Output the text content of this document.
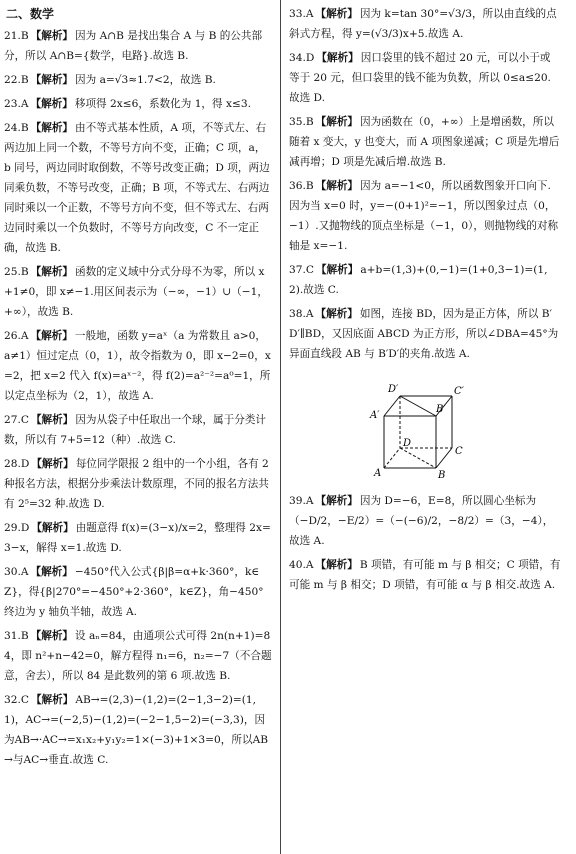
二、数学
21.B 【解析】 因为 A∩B 是找出集合 A 与 B 的公共部分，所以 A∩B={数学，电路}.故选 B.
22.B 【解析】 因为 a=√3≈1.7<2，故选 B.
23.A 【解析】 移项得 2x≤6，系数化为 1，得 x≤3.
24.B 【解析】 由不等式基本性质，A 项，不等式左、右两边加上同一个数，不等号方向不变，正确；C 项，a，b 同号，两边同时取倒数，不等号改变正确；D 项，两边同乘负数，不等号改变，正确；B 项，不等式左、右两边同时乘以一个正数，不等号方向不变，但不等式左、右两边同时乘以一个负数时，不等号方向改变，C 不一定正确，故选 B.
25.B 【解析】 函数的定义域中分式分母不为零，所以 x+1≠0，即 x≠−1.用区间表示为（−∞，−1）∪（−1，+∞），故选 B.
26.A 【解析】 一般地，函数 y=aˣ（a 为常数且 a>0，a≠1）恒过定点（0，1），故令指数为 0，即 x−2=0，x=2，把 x=2 代入 f(x)=aˣ⁻²，得 f(2)=a²⁻²=a⁰=1，所以定点坐标为（2，1），故选 A.
27.C 【解析】 因为从袋子中任取出一个球，属于分类计数，所以有 7+5=12（种）.故选 C.
28.D 【解析】 每位同学限报 2 组中的一个小组，各有 2 种报名方法，根据分步乘法计数原理，不同的报名方法共有 2⁵=32 种.故选 D.
29.D 【解析】 由题意得 f(x)=(3−x)/x=2，整理得 2x=3−x，解得 x=1.故选 D.
30.A 【解析】 −450°代入公式{β|β=α+k·360°，k∈Z}，得{β|270°=−450°+2·360°，k∈Z}，角−450°终边为 y 轴负半轴，故选 A.
31.B 【解析】 设 aₙ=84，由通项公式可得 2n(n+1)=84，即 n²+n−42=0，解方程得 n₁=6，n₂=−7（不合题意，舍去），所以 84 是此数列的第 6 项.故选 B.
32.C 【解析】 AB→=(2,3)−(1,2)=(2−1,3−2)=(1,1)，AC→=(−2,5)−(1,2)=(−2−1,5−2)=(−3,3)，因为AB→·AC→=x₁x₂+y₁y₂=1×(−3)+1×3=0，所以AB→与AC→垂直.故选 C.
33.A 【解析】 因为 k=tan 30°=√3/3，所以由直线的点斜式方程，得 y=(√3/3)x+5.故选 A.
34.D 【解析】 因口袋里的钱不超过 20 元，可以小于或等于 20 元，但口袋里的钱不能为负数，所以 0≤a≤20.故选 D.
35.B 【解析】 因为函数在（0，+∞）上是增函数，所以随着 x 变大，y 也变大，而 A 项图象递减；C 项是先增后减再增；D 项是先减后增.故选 B.
36.B 【解析】 因为 a=−1<0，所以函数图象开口向下.因为当 x=0 时，y=−(0+1)²=−1，所以图象过点（0，−1）.又抛物线的顶点坐标是（−1，0），则抛物线的对称轴是 x=−1.
37.C 【解析】 a+b=(1,3)+(0,−1)=(1+0,3−1)=(1,2).故选 C.
38.A 【解析】 如图，连接 BD，因为是正方体，所以 B′D′∥BD，又因底面 ABCD 为正方形，所以∠DBA=45°为异面直线段 AB 与 B′D′的夹角.故选 A.
A	B
C
D
A′
B′
C′
D′
39.A 【解析】 因为 D=−6，E=8，所以圆心坐标为（−D/2，−E/2）=（−(−6)/2，−8/2）=（3，−4），故选 A.
40.A 【解析】 B 项错，有可能 m 与 β 相交；C 项错，有可能 m 与 β 相交；D 项错，有可能 α 与 β 相交.故选 A.
